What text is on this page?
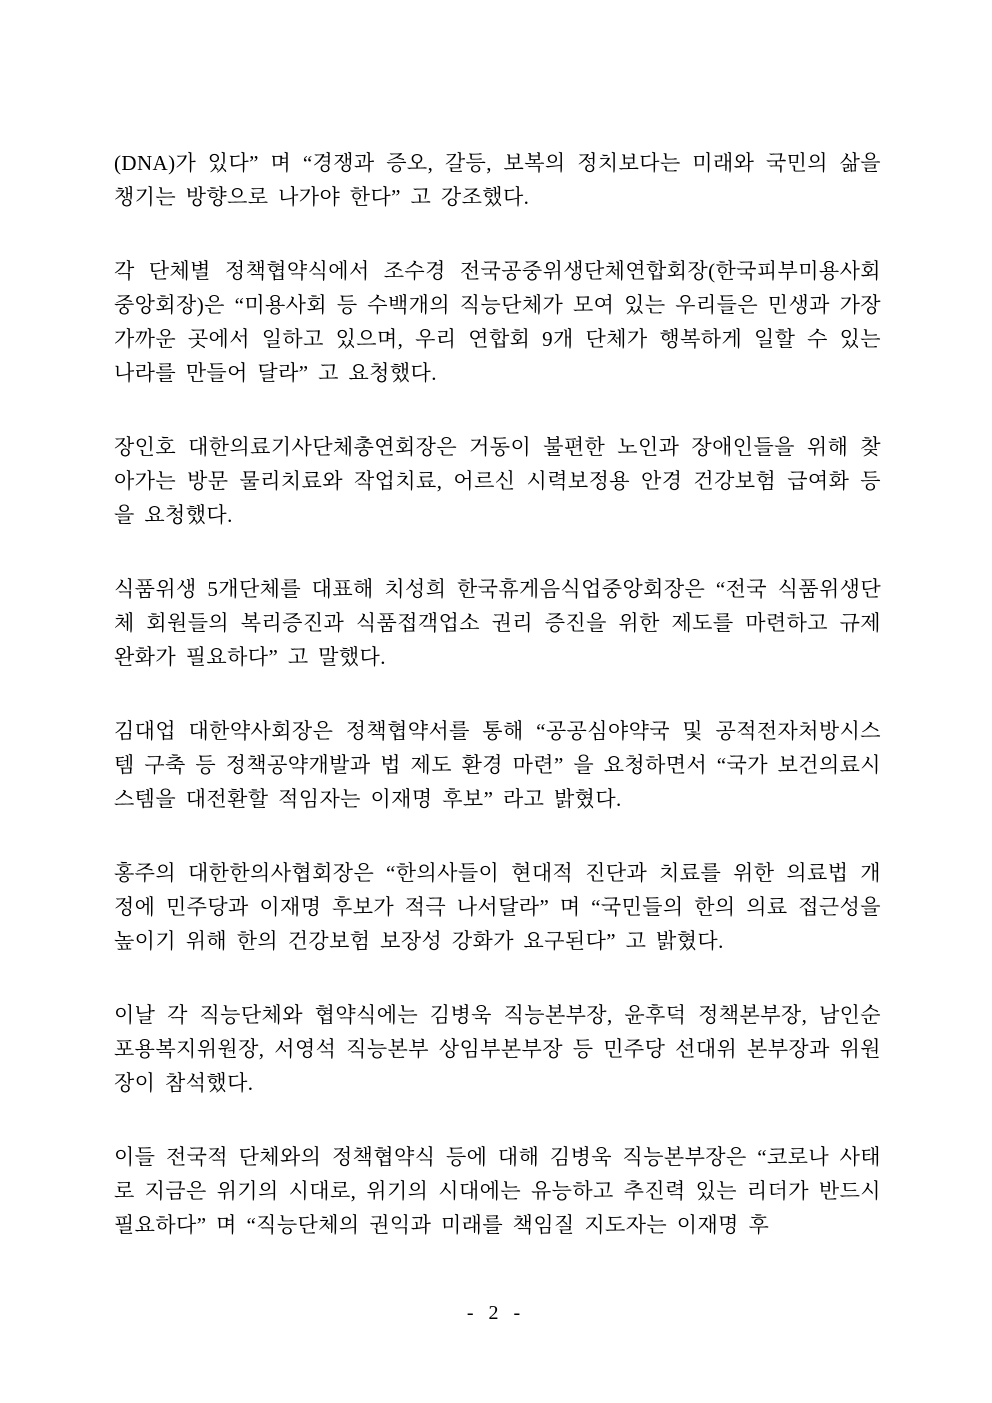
(DNA)가 있다” 며 “경쟁과 증오, 갈등, 보복의 정치보다는 미래와 국민의 삶을 챙기는 방향으로 나가야 한다” 고 강조했다.

각 단체별 정책협약식에서 조수경 전국공중위생단체연합회장(한국피부미용사회중앙회장)은 “미용사회 등 수백개의 직능단체가 모여 있는 우리들은 민생과 가장 가까운 곳에서 일하고 있으며, 우리 연합회 9개 단체가 행복하게 일할 수 있는 나라를 만들어 달라” 고 요청했다.

장인호 대한의료기사단체총연회장은 거동이 불편한 노인과 장애인들을 위해 찾아가는 방문 물리치료와 작업치료, 어르신 시력보정용 안경 건강보험 급여화 등을 요청했다.

식품위생 5개단체를 대표해 치성희 한국휴게음식업중앙회장은 “전국 식품위생단체 회원들의 복리증진과 식품접객업소 권리 증진을 위한 제도를 마련하고 규제 완화가 필요하다” 고 말했다.

김대업 대한약사회장은 정책협약서를 통해 “공공심야약국 및 공적전자처방시스템 구축 등 정책공약개발과 법 제도 환경 마련” 을 요청하면서 “국가 보건의료시스템을 대전환할 적임자는 이재명 후보” 라고 밝혔다.

홍주의 대한한의사협회장은 “한의사들이 현대적 진단과 치료를 위한 의료법 개정에 민주당과 이재명 후보가 적극 나서달라” 며 “국민들의 한의 의료 접근성을 높이기 위해 한의 건강보험 보장성 강화가 요구된다” 고 밝혔다.

이날 각 직능단체와 협약식에는 김병욱 직능본부장, 윤후덕 정책본부장, 남인순 포용복지위원장, 서영석 직능본부 상임부본부장 등 민주당 선대위 본부장과 위원장이 참석했다.

이들 전국적 단체와의 정책협약식 등에 대해 김병욱 직능본부장은 “코로나 사태로 지금은 위기의 시대로, 위기의 시대에는 유능하고 추진력 있는 리더가 반드시 필요하다” 며 “직능단체의 권익과 미래를 책임질 지도자는 이재명 후

- 2 -
